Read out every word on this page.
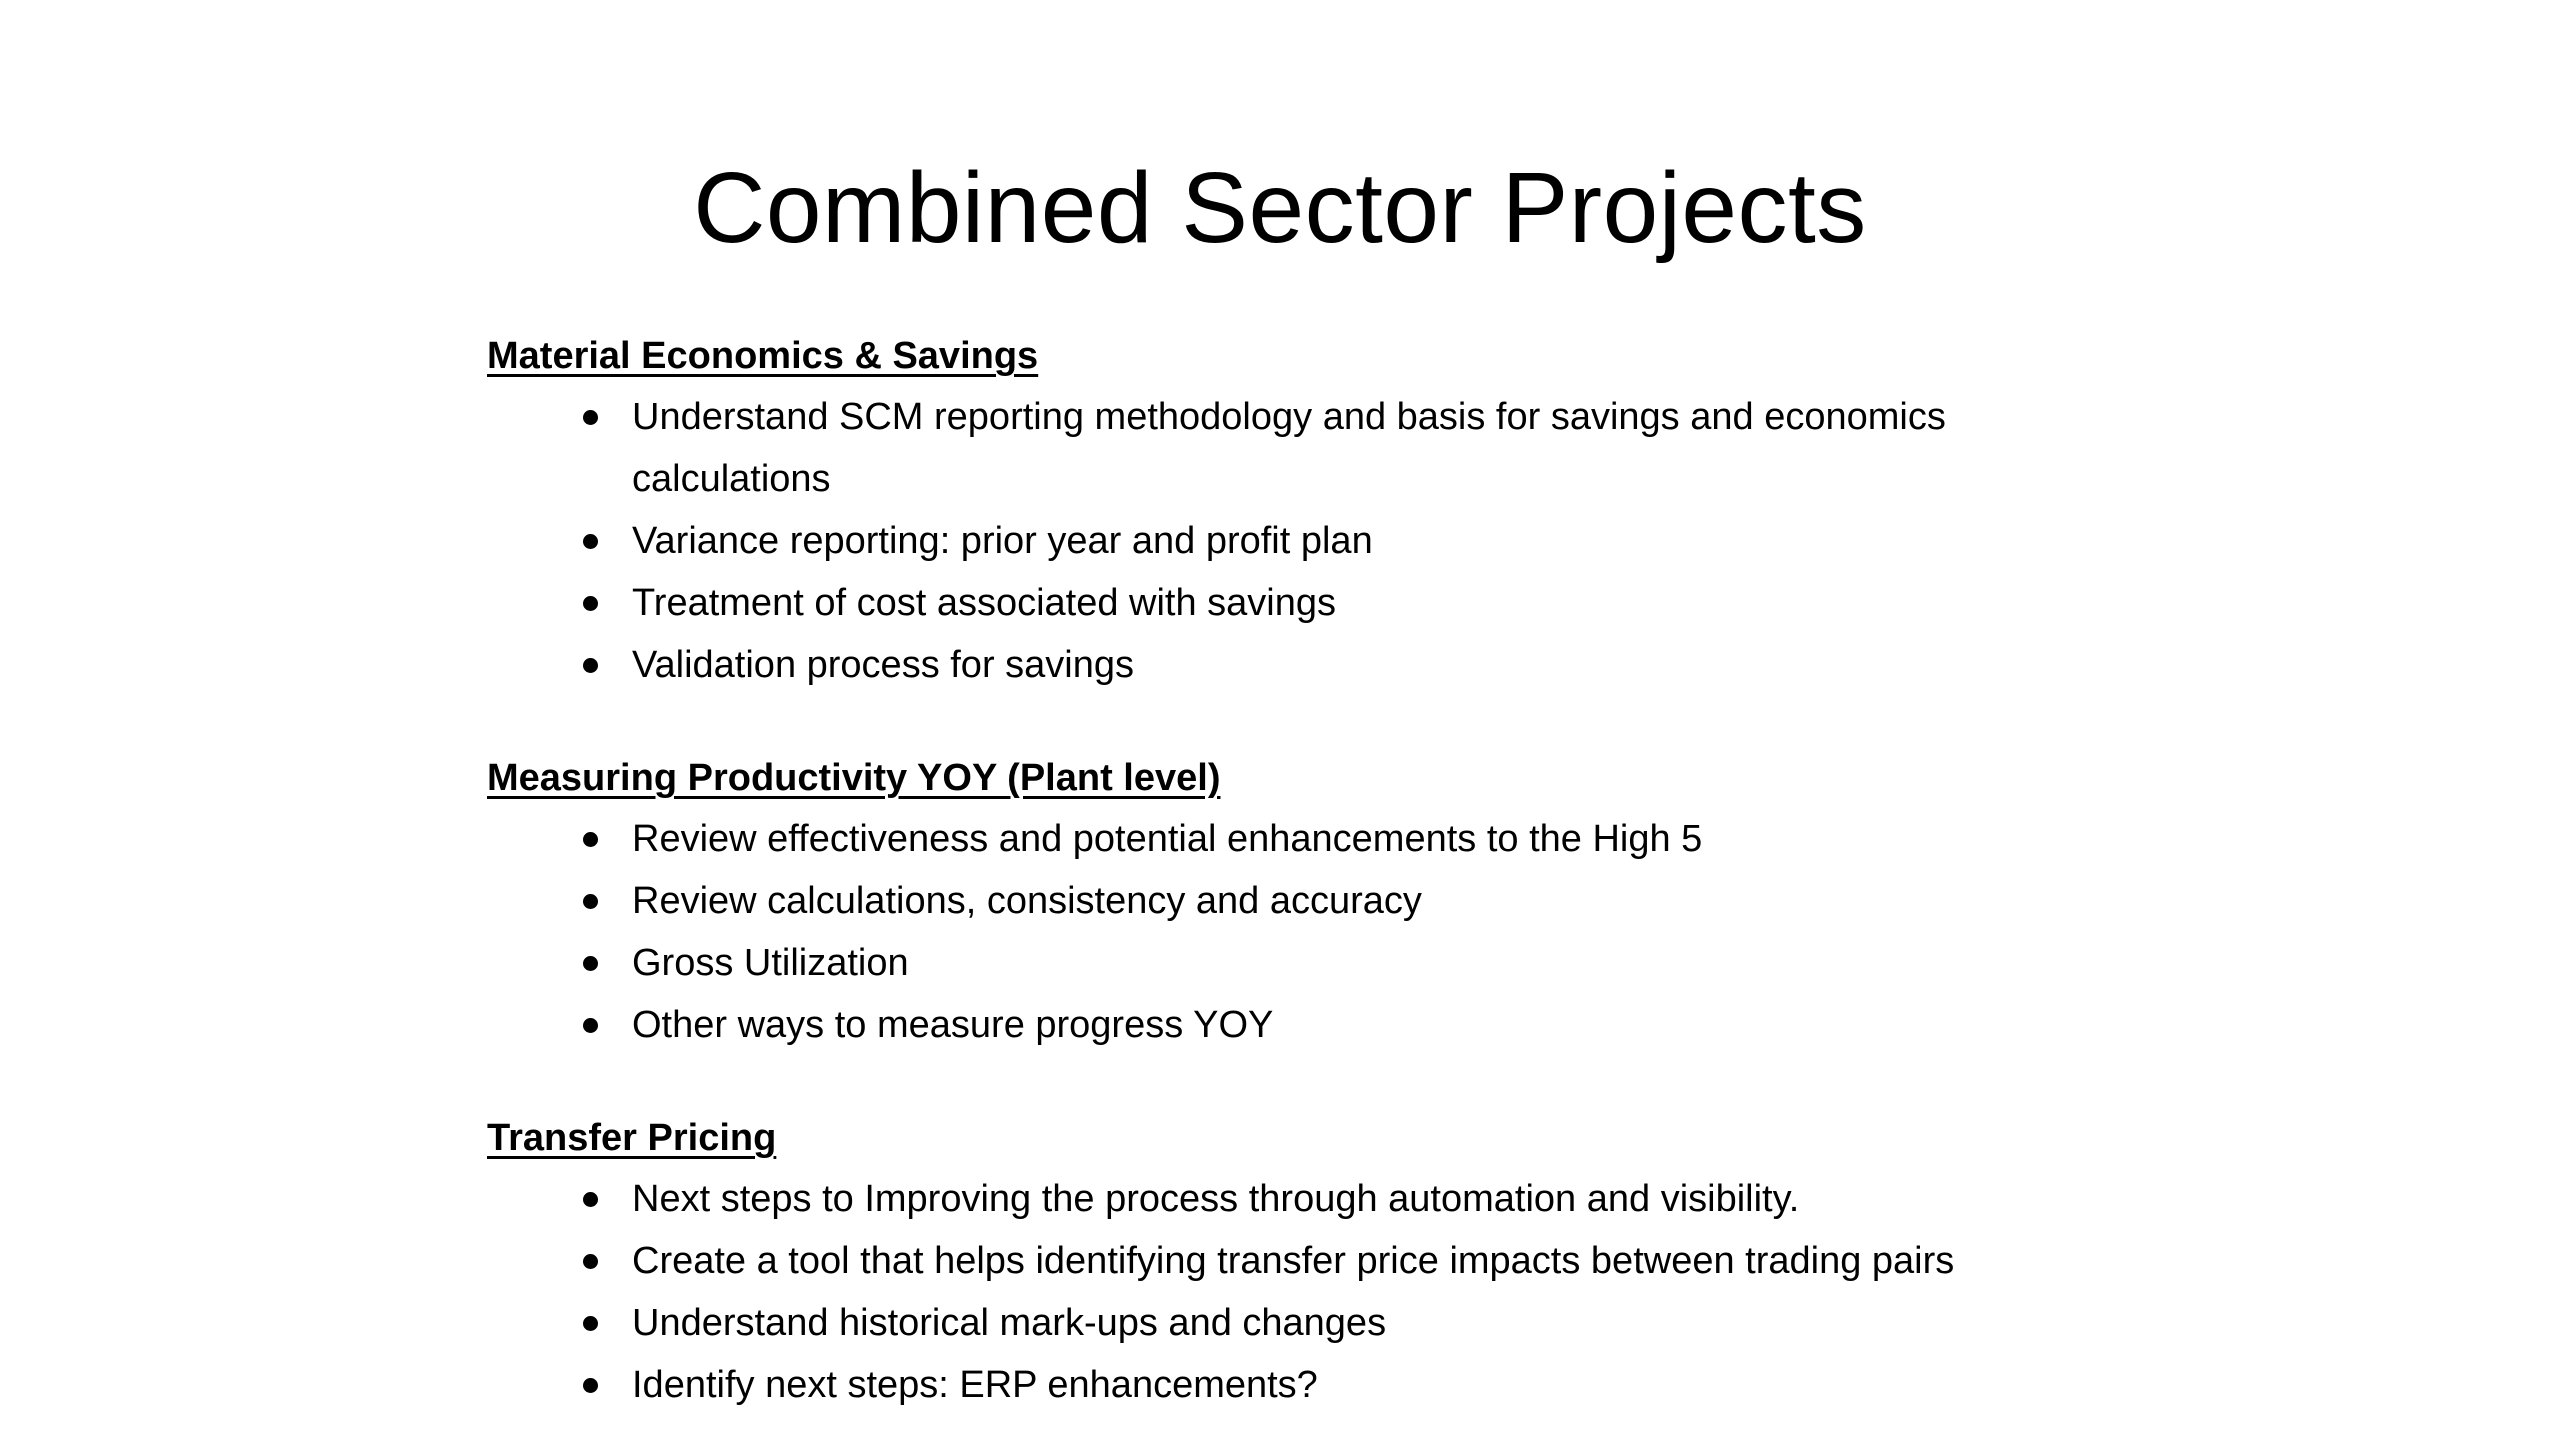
Combined Sector Projects

Material Economics & Savings

Understand SCM reporting methodology and basis for savings and economics calculations
Variance reporting: prior year and profit plan
Treatment of cost associated with savings
Validation process for savings

Measuring Productivity YOY (Plant level)

Review effectiveness and potential enhancements to the High 5
Review calculations, consistency and accuracy
Gross Utilization
Other ways to measure progress YOY

Transfer Pricing

Next steps to Improving the process through automation and visibility.
Create a tool that helps identifying transfer price impacts between trading pairs
Understand historical mark-ups and changes
Identify next steps: ERP enhancements?
